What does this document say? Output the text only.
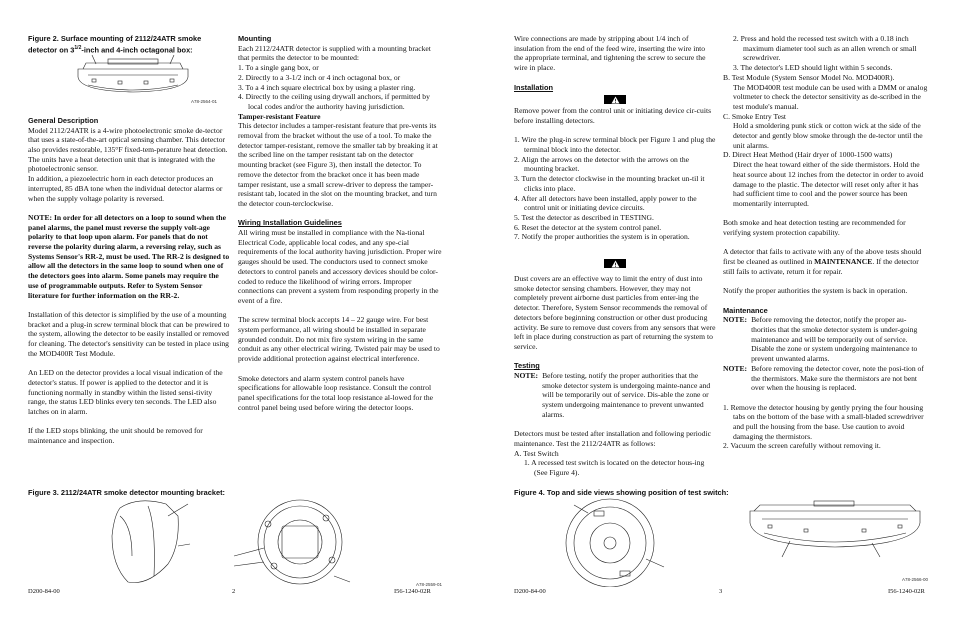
Figure 2. Surface mounting of 2112/24ATR smoke
detector on $3^{1/2}$-inch and 4-inch octagonal box:
A78-2564-01
General Description

Model 2112/24ATR is a 4-wire photoelectronic smoke de-tector that uses a state-of-the-art optical sensing chamber. This detector also provides restorable, 135°F fixed-tem-perature heat detection. The units have a heat detection unit that is integrated with the photoelectronic sensor.

In addition, a piezoelectric horn in each detector produces an interrupted, 85 dBA tone when the individual detector alarms or when the supply voltage polarity is reversed.

NOTE: In order for all detectors on a loop to sound when the panel alarms, the panel must reverse the supply volt-age polarity to that loop upon alarm. For panels that do not reverse the polarity during alarm, a reversing relay, such as Systems Sensor's RR-2, must be used. The RR-2 is designed to allow all the detectors in the same loop to sound when one of the detectors goes into alarm. Some panels may require the use of programmable outputs. Refer to System Sensor literature for further information on the RR-2.

Installation of this detector is simplified by the use of a mounting bracket and a plug-in screw terminal block that can be prewired to the system, allowing the detector to be easily installed or removed for cleaning. The detector's sensitivity can be tested in place using the MOD400R Test Module.

An LED on the detector provides a local visual indication of the detector's status. If power is applied to the detector and it is functioning normally in standby within the listed sensi-tivity range, the status LED blinks every ten seconds. The LED also latches on in alarm.

If the LED stops blinking, the unit should be removed for maintenance and inspection.

Mounting

Each 2112/24ATR detector is supplied with a mounting bracket that permits the detector to be mounted:

1. To a single gang box, or

2. Directly to a 3-1/2 inch or 4 inch octagonal box, or

3. To a 4 inch square electrical box by using a plaster ring.

4. Directly to the ceiling using drywall anchors, if permitted by local codes and/or the authority having jurisdiction.

Tamper-resistant Feature

This detector includes a tamper-resistant feature that pre-vents its removal from the bracket without the use of a tool. To make the detector tamper-resistant, remove the smaller tab by breaking it at the scribed line on the tamper resistant tab on the detector mounting bracket (see Figure 3), then install the detector. To remove the detector from the bracket once it has been made tamper resistant, use a small screw-driver to depress the tamper-resistant tab, located in the slot on the mounting bracket, and turn the detector coun-terclockwise.

Wiring Installation Guidelines

All wiring must be installed in compliance with the Na-tional Electrical Code, applicable local codes, and any spe-cial requirements of the local authority having jurisdiction. Proper wire gauges should be used. The conductors used to connect smoke detectors to control panels and accessory devices should be color-coded to reduce the likelihood of wiring errors. Improper connections can prevent a system from responding properly in the event of a fire.

The screw terminal block accepts 14 – 22 gauge wire. For best system performance, all wiring should be installed in separate grounded conduit. Do not mix fire system wiring in the same conduit as any other electrical wiring. Twisted pair may be used to provide additional protection against electrical interference.

Smoke detectors and alarm system control panels have specifications for allowable loop resistance. Consult the control panel specifications for the total loop resistance al-lowed for the control panel being used before wiring the detector loops.

Figure 3. 2112/24ATR smoke detector mounting bracket:
A78-2559-01
D200-84-00	2	I56-1240-02R

Wire connections are made by stripping about 1/4 inch of insulation from the end of the feed wire, inserting the wire into the appropriate terminal, and tightening the screw to secure the wire in place.

Installation

Remove power from the control unit or initiating device cir-cuits before installing detectors.

1. Wire the plug-in screw terminal block per Figure 1 and plug the terminal block into the detector.

2. Align the arrows on the detector with the arrows on the mounting bracket.

3. Turn the detector clockwise in the mounting bracket un-til it clicks into place.

4. After all detectors have been installed, apply power to the control unit or initiating device circuits.

5. Test the detector as described in TESTING.

6. Reset the detector at the system control panel.

7. Notify the proper authorities the system is in operation.

Dust covers are an effective way to limit the entry of dust into smoke detector sensing chambers. However, they may not completely prevent airborne dust particles from enter-ing the detector. Therefore, System Sensor recommends the removal of detectors before beginning construction or other dust producing activity. Be sure to remove dust covers from any sensors that were left in place during construction as part of returning the system to service.

Testing
NOTE: Before testing, notify the proper authorities that the smoke detector system is undergoing mainte-nance and will be temporarily out of service. Dis-able the zone or system undergoing maintenance to prevent unwanted alarms.

Detectors must be tested after installation and following periodic maintenance. Test the 2112/24ATR as follows:

A. Test Switch

1. A recessed test switch is located on the detector hous-ing (See Figure 4).

2. Press and hold the recessed test switch with a 0.18 inch maximum diameter tool such as an allen wrench or small screwdriver.

3. The detector's LED should light within 5 seconds.

B. Test Module (System Sensor Model No. MOD400R).

The MOD400R test module can be used with a DMM or analog voltmeter to check the detector sensitivity as de-scribed in the test module's manual.

C. Smoke Entry Test

Hold a smoldering punk stick or cotton wick at the side of the detector and gently blow smoke through the de-tector until the unit alarms.

D. Direct Heat Method (Hair dryer of 1000-1500 watts)

Direct the heat toward either of the side thermistors. Hold the heat source about 12 inches from the detector in order to avoid damage to the plastic. The detector will reset only after it has had sufficient time to cool and the power source has been momentarily interrupted.

Both smoke and heat detection testing are recommended for verifying system protection capability.

A detector that fails to activate with any of the above tests should first be cleaned as outlined in MAINTENANCE. If the detector still fails to activate, return it for repair.

Notify the proper authorities the system is back in operation.

Maintenance
NOTE: Before removing the detector, notify the proper au-thorities that the smoke detector system is under-going maintenance and will be temporarily out of service. Disable the zone or system undergoing maintenance to prevent unwanted alarms.
NOTE: Before removing the detector cover, note the posi-tion of the thermistors. Make sure the thermistors are not bent over when the housing is replaced.

1. Remove the detector housing by gently prying the four housing tabs on the bottom of the base with a small-bladed screwdriver and pull the housing from the base. Use caution to avoid damaging the thermistors.

2. Vacuum the screen carefully without removing it.

Figure 4. Top and side views showing position of test switch:
A78-2566-00
D200-84-00	3	I56-1240-02R
